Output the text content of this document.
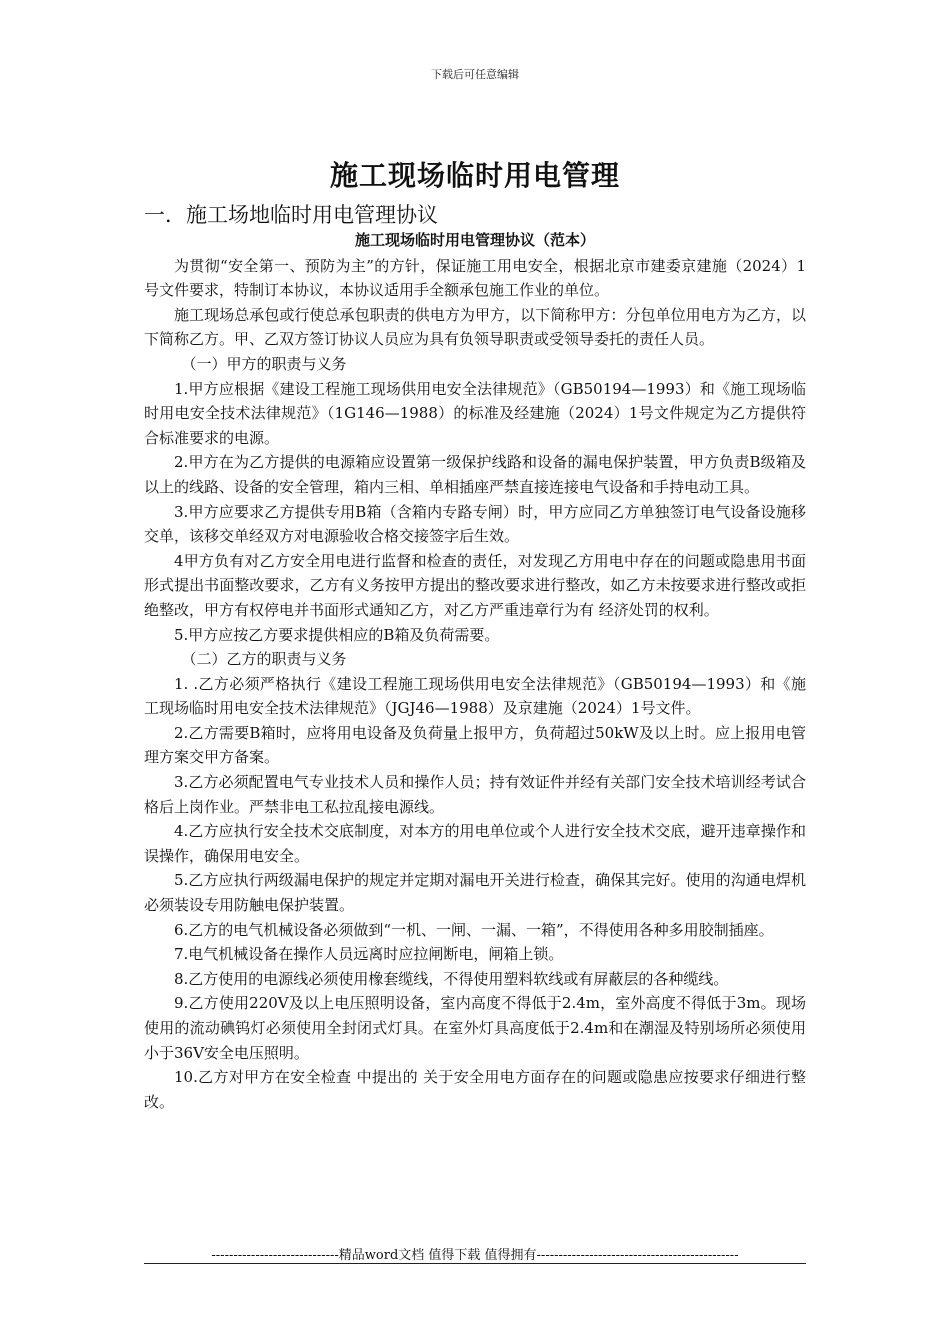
下载后可任意编辑
施工现场临时用电管理
一．施工场地临时用电管理协议
施工现场临时用电管理协议（范本）

为贯彻“安全第一、预防为主”的方针，保证施工用电安全，根据北京市建委京建施（2024）1号文件要求，特制订本协议，本协议适用手全额承包施工作业的单位。

施工现场总承包或行使总承包职责的供电方为甲方，以下简称甲方：分包单位用电方为乙方，以下简称乙方。甲、乙双方签订协议人员应为具有负领导职责或受领导委托的责任人员。

（一）甲方的职责与义务

1.甲方应根据《建设工程施工现场供用电安全法律规范》（GB50194—1993）和《施工现场临时用电安全技术法律规范》（1G146—1988）的标准及经建施（2024）1号文件规定为乙方提供符合标准要求的电源。

2.甲方在为乙方提供的电源箱应设置第一级保护线路和设备的漏电保护装置，甲方负责B级箱及以上的线路、设备的安全管理，箱内三相、单相插座严禁直接连接电气设备和手持电动工具。

3.甲方应要求乙方提供专用B箱（含箱内专路专闸）时，甲方应同乙方单独签订电气设备设施移交单，该移交单经双方对电源验收合格交接签字后生效。

4甲方负有对乙方安全用电进行监督和检查的责任，对发现乙方用电中存在的问题或隐患用书面形式提出书面整改要求，乙方有义务按甲方提出的整改要求进行整改，如乙方未按要求进行整改或拒绝整改，甲方有权停电并书面形式通知乙方，对乙方严重违章行为有 经济处罚的权利。

5.甲方应按乙方要求提供相应的B箱及负荷需要。

（二）乙方的职责与义务

1. .乙方必须严格执行《建设工程施工现场供用电安全法律规范》（GB50194—1993）和《施工现场临时用电安全技术法律规范》（JGJ46—1988）及京建施（2024）1号文件。

2.乙方需要B箱时，应将用电设备及负荷量上报甲方，负荷超过50kW及以上时。应上报用电管理方案交甲方备案。

3.乙方必须配置电气专业技术人员和操作人员；持有效证件并经有关部门安全技术培训经考试合格后上岗作业。严禁非电工私拉乱接电源线。

4.乙方应执行安全技术交底制度，对本方的用电单位或个人进行安全技术交底，避开违章操作和误操作，确保用电安全。

5.乙方应执行两级漏电保护的规定并定期对漏电开关进行检查，确保其完好。使用的沟通电焊机必须装设专用防触电保护装置。

6.乙方的电气机械设备必须做到“一机、一闸、一漏、一箱”，不得使用各种多用胶制插座。

7.电气机械设备在操作人员远离时应拉闸断电，闸箱上锁。

8.乙方使用的电源线必须使用橡套缆线，不得使用塑料软线或有屏蔽层的各种缆线。

9.乙方使用220V及以上电压照明设备，室内高度不得低于2.4m，室外高度不得低于3m。现场使用的流动碘钨灯必须使用全封闭式灯具。在室外灯具高度低于2.4m和在潮湿及特别场所必须使用小于36V安全电压照明。

10.乙方对甲方在安全检查 中提出的 关于安全用电方面存在的问题或隐患应按要求仔细进行整改。

-----------------------------精品word文档 值得下载 值得拥有----------------------------------------------
